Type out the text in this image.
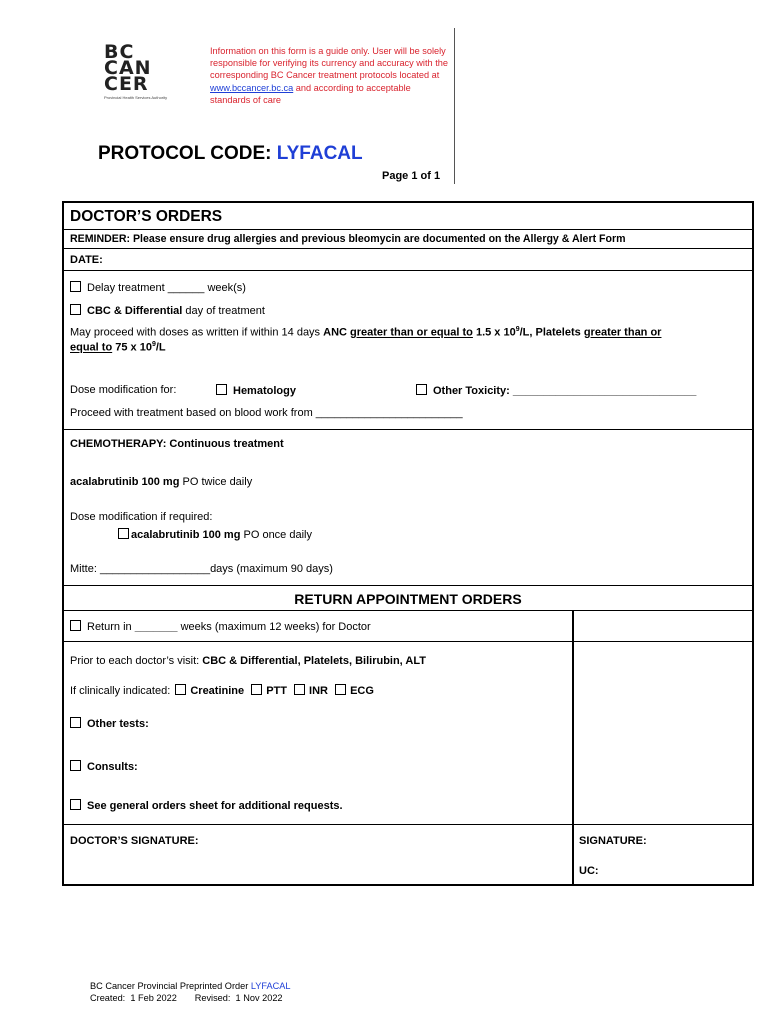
BC
CAN
CER
Provincial Health Services Authority
Information on this form is a guide only. User will be solely responsible for verifying its currency and accuracy with the corresponding BC Cancer treatment protocols located at www.bccancer.bc.ca and according to acceptable standards of care
PROTOCOL CODE: LYFACAL
Page 1 of 1
DOCTOR’S ORDERS
REMINDER: Please ensure drug allergies and previous bleomycin are documented on the Allergy & Alert Form
DATE:
Delay treatment ______ week(s)
CBC & Differential day of treatment
May proceed with doses as written if within 14 days ANC greater than or equal to 1.5 x $10^9/L$, Platelets greater than or
equal to 75 x $10^9/L$
Dose modification for:	Hematology	Other Toxicity: ______________________________
Proceed with treatment based on blood work from ________________________
CHEMOTHERAPY: Continuous treatment
acalabrutinib 100 mg PO twice daily
Dose modification if required:
acalabrutinib 100 mg PO once daily
Mitte: __________________days (maximum 90 days)
RETURN APPOINTMENT ORDERS
Return in _______ weeks (maximum 12 weeks) for Doctor
Prior to each doctor’s visit: CBC & Differential, Platelets, Bilirubin, ALT
If clinically indicated: Creatinine PTT INR ECG
Other tests:
Consults:
See general orders sheet for additional requests.
DOCTOR’S SIGNATURE:	SIGNATURE:
UC:
BC Cancer Provincial Preprinted Order LYFACAL
Created:  1 Feb 2022       Revised:  1 Nov 2022
